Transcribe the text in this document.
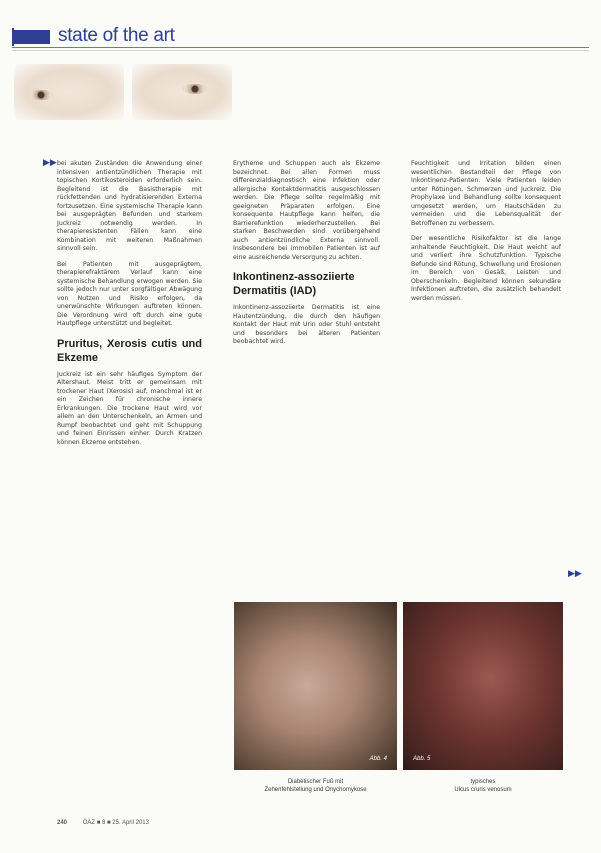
state of the art
▶▶ bei akuten Zuständen die Anwendung einer intensiven antientzündlichen Therapie mit topischen Kortikosteroiden erforderlich sein. Begleitend ist die Basistherapie mit rückfettenden und hydratisierenden Externa fortzusetzen. Eine systemische Therapie kann bei ausgeprägten Befunden und starkem Juckreiz notwendig werden. In therapieresistenten Fällen kann eine Kombination mit weiteren Maßnahmen sinnvoll sein.

Bei Patienten mit ausgeprägtem, therapierefraktärem Verlauf kann eine systemische Behandlung erwogen werden. Sie sollte jedoch nur unter sorgfältiger Abwägung von Nutzen und Risiko erfolgen, da unerwünschte Wirkungen auftreten können. Die Verordnung wird oft durch eine gute Hautpflege unterstützt und begleitet.

Pruritus, Xerosis cutis und Ekzeme

Juckreiz ist ein sehr häufiges Symptom der Altershaut. Meist tritt er gemeinsam mit trockener Haut (Xerosis) auf, manchmal ist er ein Zeichen für chronische innere Erkrankungen. Die trockene Haut wird vor allem an den Unterschenkeln, an Armen und Rumpf beobachtet und geht mit Schuppung und feinen Einrissen einher. Durch Kratzen können Ekzeme entstehen.

Erytheme und Schuppen auch als Ekzeme bezeichnet. Bei allen Formen muss differenzialdiagnostisch eine Infektion oder allergische Kontaktdermatitis ausgeschlossen werden. Die Pflege sollte regelmäßig mit geeigneten Präparaten erfolgen. Eine konsequente Hautpflege kann helfen, die Barrierefunktion wiederherzustellen. Bei starken Beschwerden sind vorübergehend auch antientzündliche Externa sinnvoll. Insbesondere bei immobilen Patienten ist auf eine ausreichende Versorgung zu achten.

Inkontinenz-assoziierte Dermatitis (IAD)

Inkontinenz-assoziierte Dermatitis ist eine Hautentzündung, die durch den häufigen Kontakt der Haut mit Urin oder Stuhl entsteht und besonders bei älteren Patienten beobachtet wird.

Feuchtigkeit und Irritation bilden einen wesentlichen Bestandteil der Pflege von Inkontinenz-Patienten. Viele Patienten leiden unter Rötungen, Schmerzen und Juckreiz. Die Prophylaxe und Behandlung sollte konsequent umgesetzt werden, um Hautschäden zu vermeiden und die Lebensqualität der Betroffenen zu verbessern.

Der wesentliche Risikofaktor ist die lange anhaltende Feuchtigkeit. Die Haut weicht auf und verliert ihre Schutzfunktion. Typische Befunde sind Rötung, Schwellung und Erosionen im Bereich von Gesäß, Leisten und Oberschenkeln. Begleitend können sekundäre Infektionen auftreten, die zusätzlich behandelt werden müssen.

▶▶
Abb. 4	Abb. 5
Diabetischer Fuß mit
Zehenfehlstellung und Onychomykose
typisches
Ulcus cruris venosum
240	ÖÄZ ■ 8 ■ 25. April 2013
